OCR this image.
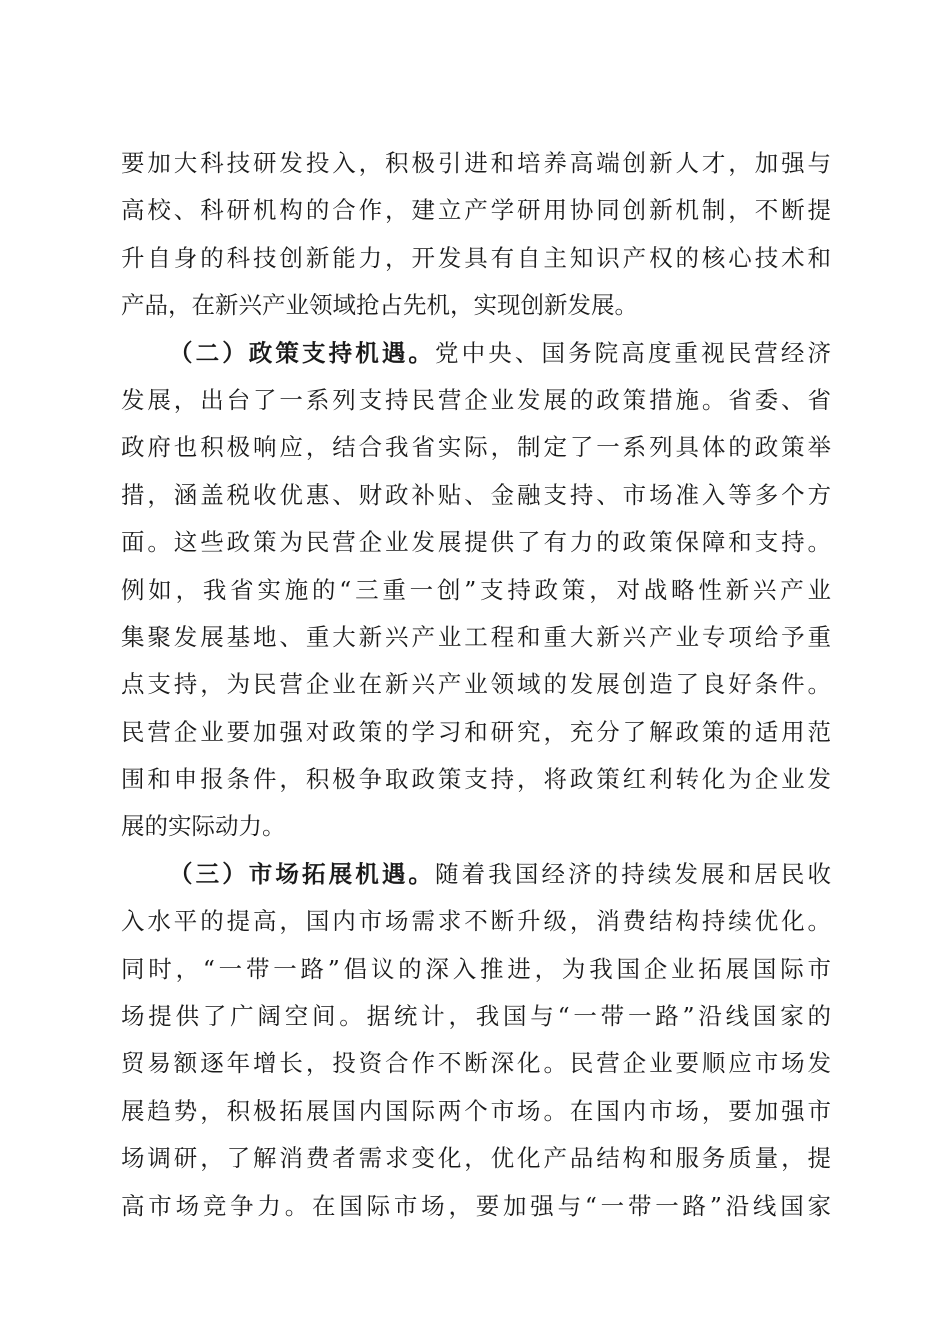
要加大科技研发投入，积极引进和培养高端创新人才，加强与
高校、科研机构的合作，建立产学研用协同创新机制，不断提
升自身的科技创新能力，开发具有自主知识产权的核心技术和
产品，在新兴产业领域抢占先机，实现创新发展。
（二）政策支持机遇。党中央、国务院高度重视民营经济
发展，出台了一系列支持民营企业发展的政策措施。省委、省
政府也积极响应，结合我省实际，制定了一系列具体的政策举
措，涵盖税收优惠、财政补贴、金融支持、市场准入等多个方
面。这些政策为民营企业发展提供了有力的政策保障和支持。
例如，我省实施的“三重一创”支持政策，对战略性新兴产业
集聚发展基地、重大新兴产业工程和重大新兴产业专项给予重
点支持，为民营企业在新兴产业领域的发展创造了良好条件。
民营企业要加强对政策的学习和研究，充分了解政策的适用范
围和申报条件，积极争取政策支持，将政策红利转化为企业发
展的实际动力。
（三）市场拓展机遇。随着我国经济的持续发展和居民收
入水平的提高，国内市场需求不断升级，消费结构持续优化。
同时，“一带一路”倡议的深入推进，为我国企业拓展国际市
场提供了广阔空间。据统计，我国与“一带一路”沿线国家的
贸易额逐年增长，投资合作不断深化。民营企业要顺应市场发
展趋势，积极拓展国内国际两个市场。在国内市场，要加强市
场调研，了解消费者需求变化，优化产品结构和服务质量，提
高市场竞争力。在国际市场，要加强与“一带一路”沿线国家
